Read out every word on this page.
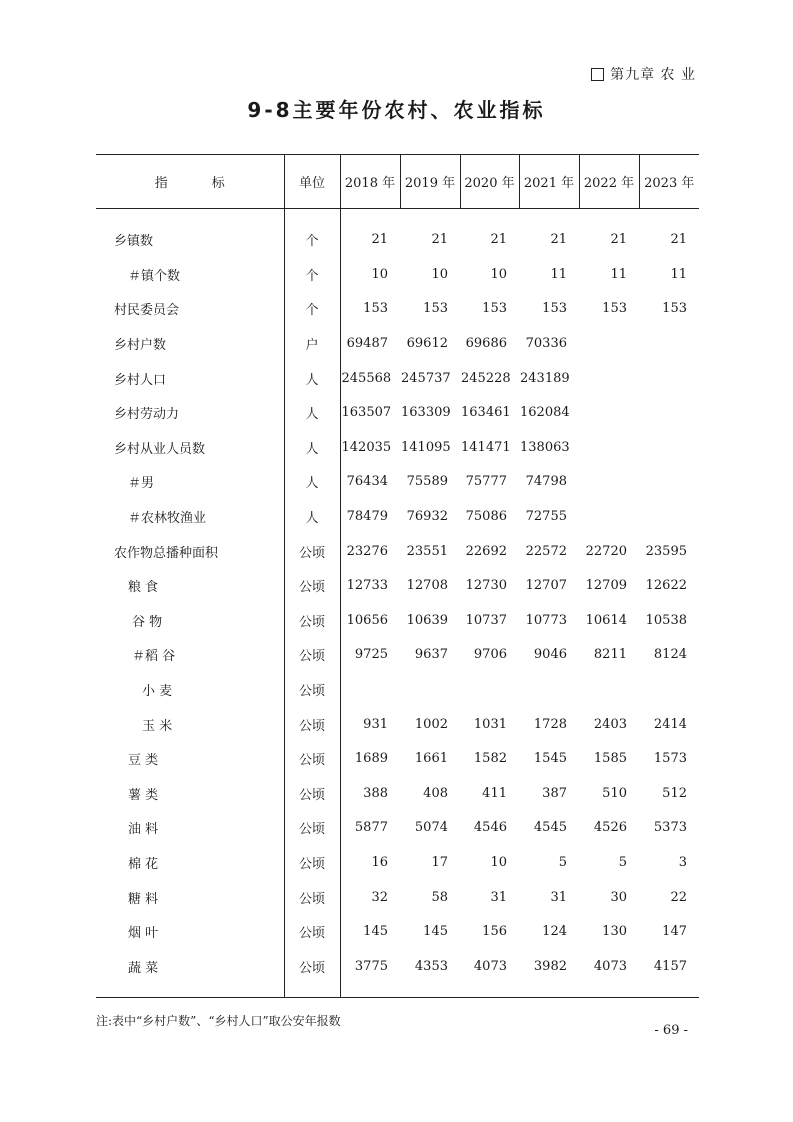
第九章 农 业
9-8主要年份农村、农业指标
指 标	单位	2018 年	2019 年	2020 年	2021 年	2022 年	2023 年

乡镇数	个	21	21	21	21	21	21
＃镇个数	个	10	10	10	11	11	11
村民委员会	个	153	153	153	153	153	153
乡村户数	户	69487	69612	69686	70336		
乡村人口	人	245568	245737	245228	243189		
乡村劳动力	人	163507	163309	163461	162084		
乡村从业人员数	人	142035	141095	141471	138063		
＃男	人	76434	75589	75777	74798		
＃农林牧渔业	人	78479	76932	75086	72755		
农作物总播种面积	公顷	23276	23551	22692	22572	22720	23595
粮 食	公顷	12733	12708	12730	12707	12709	12622
谷 物	公顷	10656	10639	10737	10773	10614	10538
＃稻 谷	公顷	9725	9637	9706	9046	8211	8124
小 麦	公顷						
玉 米	公顷	931	1002	1031	1728	2403	2414
豆 类	公顷	1689	1661	1582	1545	1585	1573
薯 类	公顷	388	408	411	387	510	512
油 料	公顷	5877	5074	4546	4545	4526	5373
棉 花	公顷	16	17	10	5	5	3
糖 料	公顷	32	58	31	31	30	22
烟 叶	公顷	145	145	156	124	130	147
蔬 菜	公顷	3775	4353	4073	3982	4073	4157

注:表中“乡村户数”、“乡村人口”取公安年报数
- 69 -
